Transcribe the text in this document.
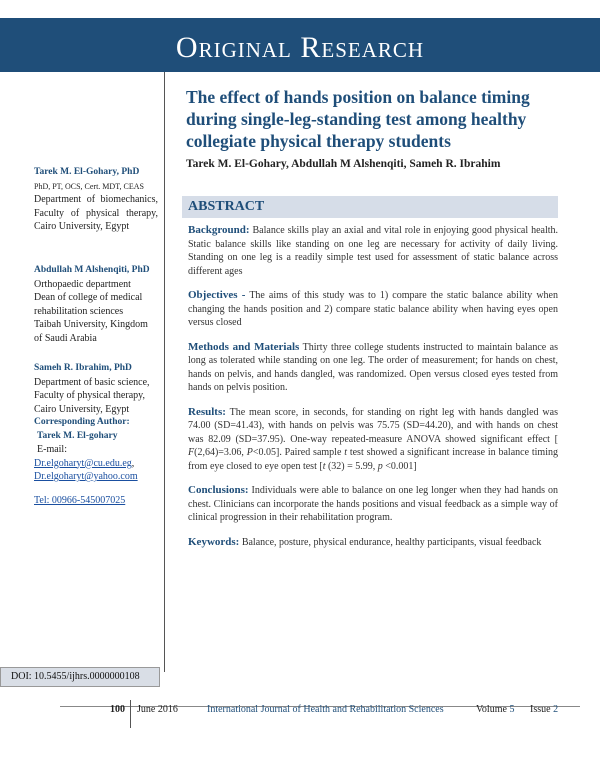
Original Research
The effect of hands position on balance timing during single-leg-standing test among healthy collegiate physical therapy students
Tarek M. El-Gohary, Abdullah M Alshenqiti, Sameh R. Ibrahim
Tarek M. El-Gohary, PhD
PhD, PT, OCS, Cert. MDT, CEAS
Department of biomechanics, Faculty of physical therapy, Cairo University, Egypt
Abdullah M Alshenqiti, PhD
Orthopaedic department
Dean of college of medical rehabilitation sciences
Taibah University, Kingdom of Saudi Arabia
Sameh R. Ibrahim, PhD
Department of basic science, Faculty of physical therapy, Cairo University, Egypt
Corresponding Author:
Tarek M. El-gohary
E-mail:
Dr.elgoharyt@cu.edu.eg,
Dr.elgoharyt@yahoo.com
Tel: 00966-545007025
ABSTRACT

Background: Balance skills play an axial and vital role in enjoying good physical health. Static balance skills like standing on one leg are necessary for activity of daily living. Standing on one leg is a readily simple test used for assessment of static balance across different ages

Objectives - The aims of this study was to 1) compare the static balance ability when changing the hands position and 2) compare static balance ability when having eyes open versus closed

Methods and Materials Thirty three college students instructed to maintain balance as long as tolerated while standing on one leg. The order of measurement; for hands on chest, hands on pelvis, and hands dangled, was randomized. Open versus closed eyes tested from hands on pelvis position.

Results: The mean score, in seconds, for standing on right leg with hands dangled was 74.00 (SD=41.43), with hands on pelvis was 75.75 (SD=44.20), and with hands on chest was 82.09 (SD=37.95). One-way repeated-measure ANOVA showed significant effect [ F(2,64)=3.06, P<0.05]. Paired sample t test showed a significant increase in balance timing from eye closed to eye open test [t (32) = 5.99, p <0.001]

Conclusions: Individuals were able to balance on one leg longer when they had hands on chest. Clinicians can incorporate the hands positions and visual feedback as a simple way of clinical progression in their rehabilitation program.

Keywords: Balance, posture, physical endurance, healthy participants, visual feedback

DOI: 10.5455/ijhrs.0000000108
100 June 2016	International Journal of Health and Rehabilitation Sciences	Volume 5 Issue 2
